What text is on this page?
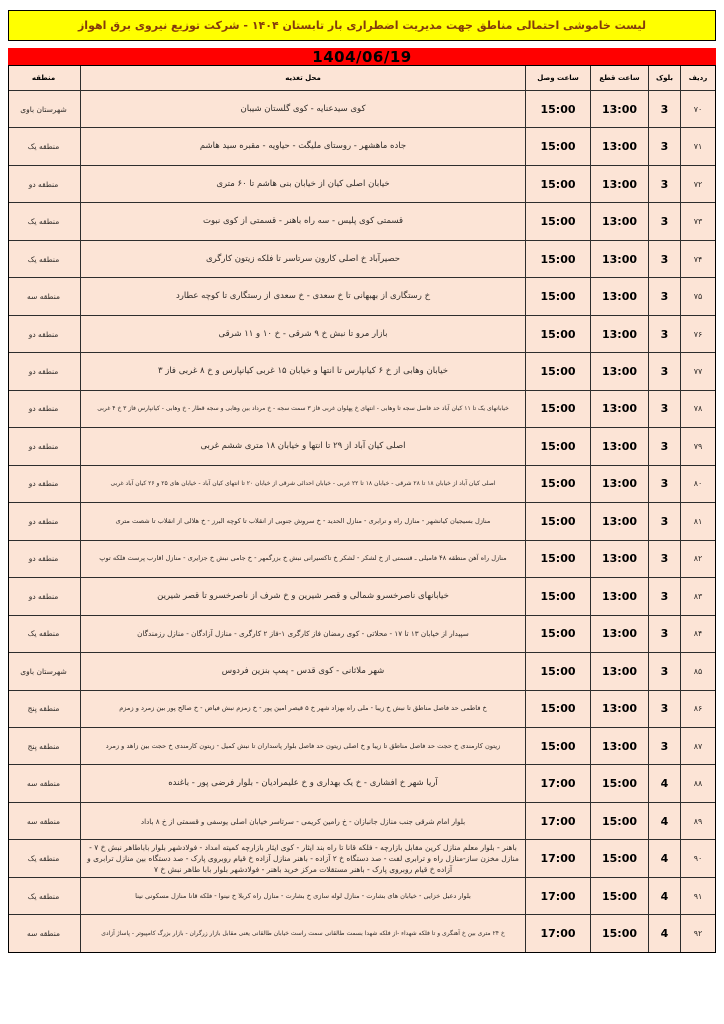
لیست خاموشی احتمالی مناطق جهت مدیریت اضطراری بار تابستان ۱۴۰۴ - شرکت توزیع نیروی برق اهواز
1404/06/19
ردیف
بلوک
ساعت قطع
ساعت وصل
محل تغذیه
منطقه
۷۰
3
13:00
15:00
کوی سیدعنایه - کوی گلستان شیبان
شهرستان باوی
۷۱
3
13:00
15:00
جاده ماهشهر - روستای ملیگت - حیاویه - مقبره سید هاشم
منطقه یک
۷۲
3
13:00
15:00
خیابان اصلی کیان از خیابان بنی هاشم تا ۶۰ متری
منطقه دو
۷۳
3
13:00
15:00
قسمتی کوی پلیس - سه راه باهنر - قسمتی از کوی نبوت
منطقه یک
۷۴
3
13:00
15:00
حصیرآباد خ اصلی کارون سرتاسر تا فلکه زیتون کارگری
منطقه یک
۷۵
3
13:00
15:00
خ رستگاری از بهبهانی تا خ سعدی - خ سعدی از رستگاری تا کوچه عطارد
منطقه سه
۷۶
3
13:00
15:00
بازار مرو تا نبش خ ۹ شرقی - خ ۱۰ و ۱۱ شرقی
منطقه دو
۷۷
3
13:00
15:00
خیابان وهابی از خ ۶ کیانپارس تا انتها و خیابان ۱۵ غربی کیانپارس و خ ۸ غربی فاز ۳
منطقه دو
۷۸
3
13:00
15:00
خیابانهای یک تا ۱۱ کیان آباد حد فاصل سجه تا وهابی - انتهای خ پهلوان غربی فاز ۳ سمت سجه - خ مرداد بین وهابی و سجه قطار - خ وهابی - کیانپارس فاز ۳ خ ۴ غربی
منطقه دو
۷۹
3
13:00
15:00
اصلی کیان آباد از ۲۹ تا انتها و خیابان ۱۸ متری ششم غربی
منطقه دو
۸۰
3
13:00
15:00
اصلی کیان آباد از خیابان ۱۸ تا ۲۸ شرقی - خیابان ۱۸ تا ۲۲ غربی - خیابان احدائی شرقی از خیابان ۲۰ تا انتهای کیان آباد - خیابان های ۲۵ و ۲۶ کیان آباد غربی
منطقه دو
۸۱
3
13:00
15:00
منازل بسیجیان کیانشهر - منازل راه و ترابری - منازل الحدید - خ سروش جنوبی از انقلاب تا کوچه البرز - خ هلالی از انقلاب تا شصت متری
منطقه دو
۸۲
3
13:00
15:00
منازل راه آهن منطقه ۴۸ فامیلی ـ قسمتی از خ لشکر - لشکر خ تاکسیرانی نبش خ بزرگمهر - خ جامی نبش خ جزایری - منازل اقارب پرست فلکه توپ
منطقه دو
۸۳
3
13:00
15:00
خیابانهای ناصرخسرو شمالی و قصر شیرین و خ شرف از ناصرخسرو تا قصر شیرین
منطقه دو
۸۴
3
13:00
15:00
سپیدار از خیابان ۱۳ تا ۱۷ - محلاتی - کوی رمضان فاز کارگری ۱-فاز ۲ کارگری - منازل آزادگان - منازل رزمندگان
منطقه یک
۸۵
3
13:00
15:00
شهر ملاثانی - کوی قدس - پمپ بنزین فردوس
شهرستان باوی
۸۶
3
13:00
15:00
خ فاطمی حد فاصل مناطق تا نبش خ زیبا - ملی راه بهزاد شهر خ ۵ قیصر امین پور - خ زمزم نبش فیاض - خ صالح پور بین زمرد و زمزم
منطقه پنج
۸۷
3
13:00
15:00
زیتون کارمندی خ حجت حد فاصل مناطق تا زیبا و خ اصلی زیتون حد فاصل بلوار پاسداران تا نبش کمیل - زیتون کارمندی خ حجت بین زاهد و زمرد
منطقه پنج
۸۸
4
15:00
17:00
آریا شهر خ افشاری - خ یک بهداری و خ علیمرادیان - بلوار فرضی پور - باغنده
منطقه سه
۸۹
4
15:00
17:00
بلوار امام شرقی جنب منازل جانبازان - خ رامین کریمی - سرتاسر خیابان اصلی یوسفی و قسمتی از خ ۸ باداد
منطقه سه
۹۰
4
15:00
17:00
باهنر - بلوار معلم منازل کرین مقابل بازارچه - فلکه قانا تا راه بند ایثار - کوی ایثار بازارچه کمیته امداد - فولادشهر بلوار باباطاهر نبش خ ۷ - منازل مخزن ساز-منازل راه و ترابری لفت - صد دستگاه خ ۲ آزاده - باهنر منازل آزاده خ قیام روبروی پارک - صد دستگاه بین منازل ترابری و آزاده خ قیام روبروی پارک - باهنر مستقلات مرکز خرید باهنر - فولادشهر بلوار بابا طاهر نبش خ ۷
منطقه یک
۹۱
4
15:00
17:00
بلوار دعبل خزایی - خیابان های بشارت - منازل لوله سازی خ بشارت - منازل راه کربلا خ نینوا - فلکه قانا منازل مسکونی نینا
منطقه یک
۹۲
4
15:00
17:00
خ ۲۴ متری بین خ آهنگری و تا فلکه شهداء -از فلکه شهدا بسمت طالقانی سمت راست خیابان طالقانی یعنی مقابل بازار زرگران - بازار بزرگ کامپیوتر - پاساژ آزادی
منطقه سه
